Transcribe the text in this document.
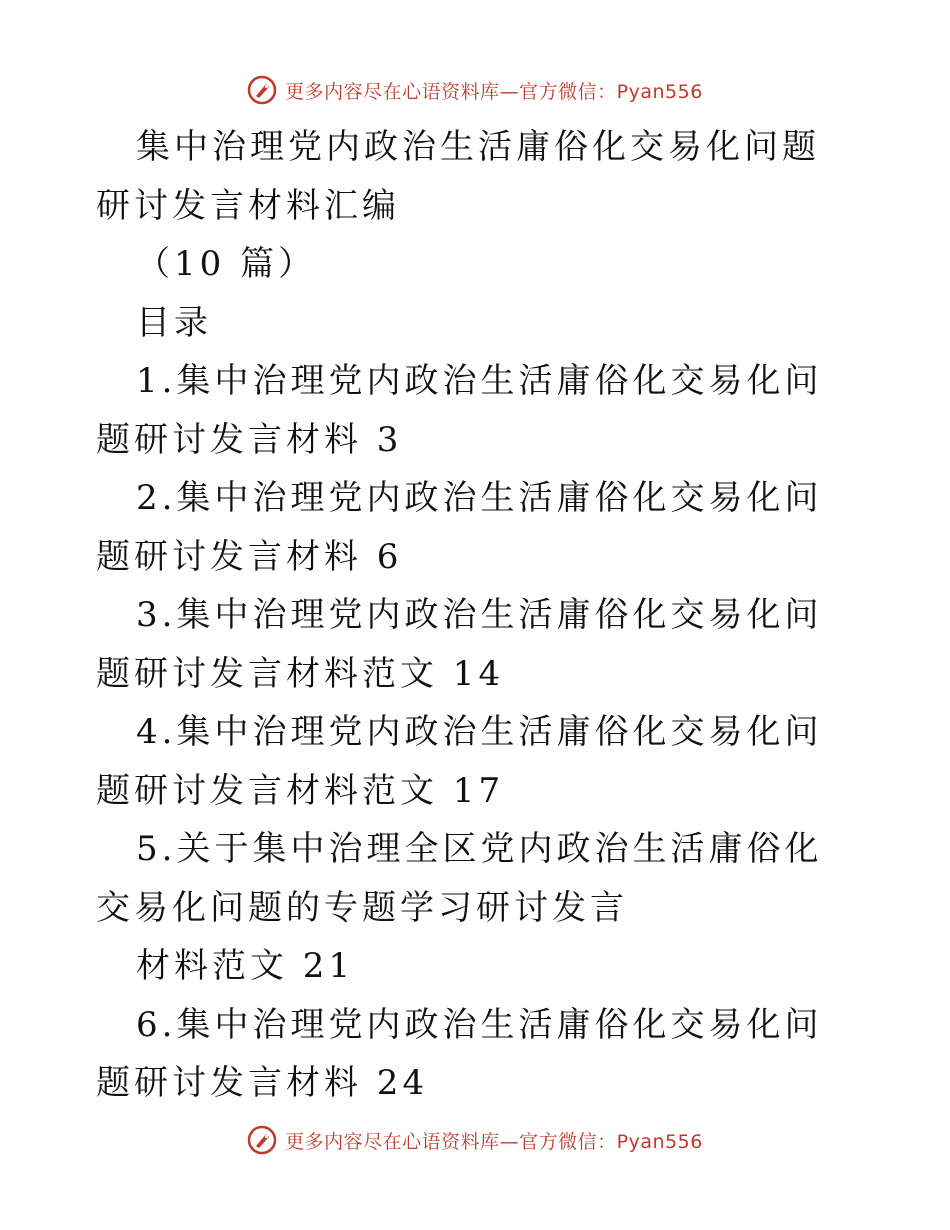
更多内容尽在心语资料库—官方微信：Pyan556

集中治理党内政治生活庸俗化交易化问题研讨发言材料汇编

（10 篇）

目录

1.集中治理党内政治生活庸俗化交易化问题研讨发言材料 3

2.集中治理党内政治生活庸俗化交易化问题研讨发言材料 6

3.集中治理党内政治生活庸俗化交易化问题研讨发言材料范文 14

4.集中治理党内政治生活庸俗化交易化问题研讨发言材料范文 17

5.关于集中治理全区党内政治生活庸俗化交易化问题的专题学习研讨发言

材料范文 21

6.集中治理党内政治生活庸俗化交易化问题研讨发言材料 24

更多内容尽在心语资料库—官方微信：Pyan556
